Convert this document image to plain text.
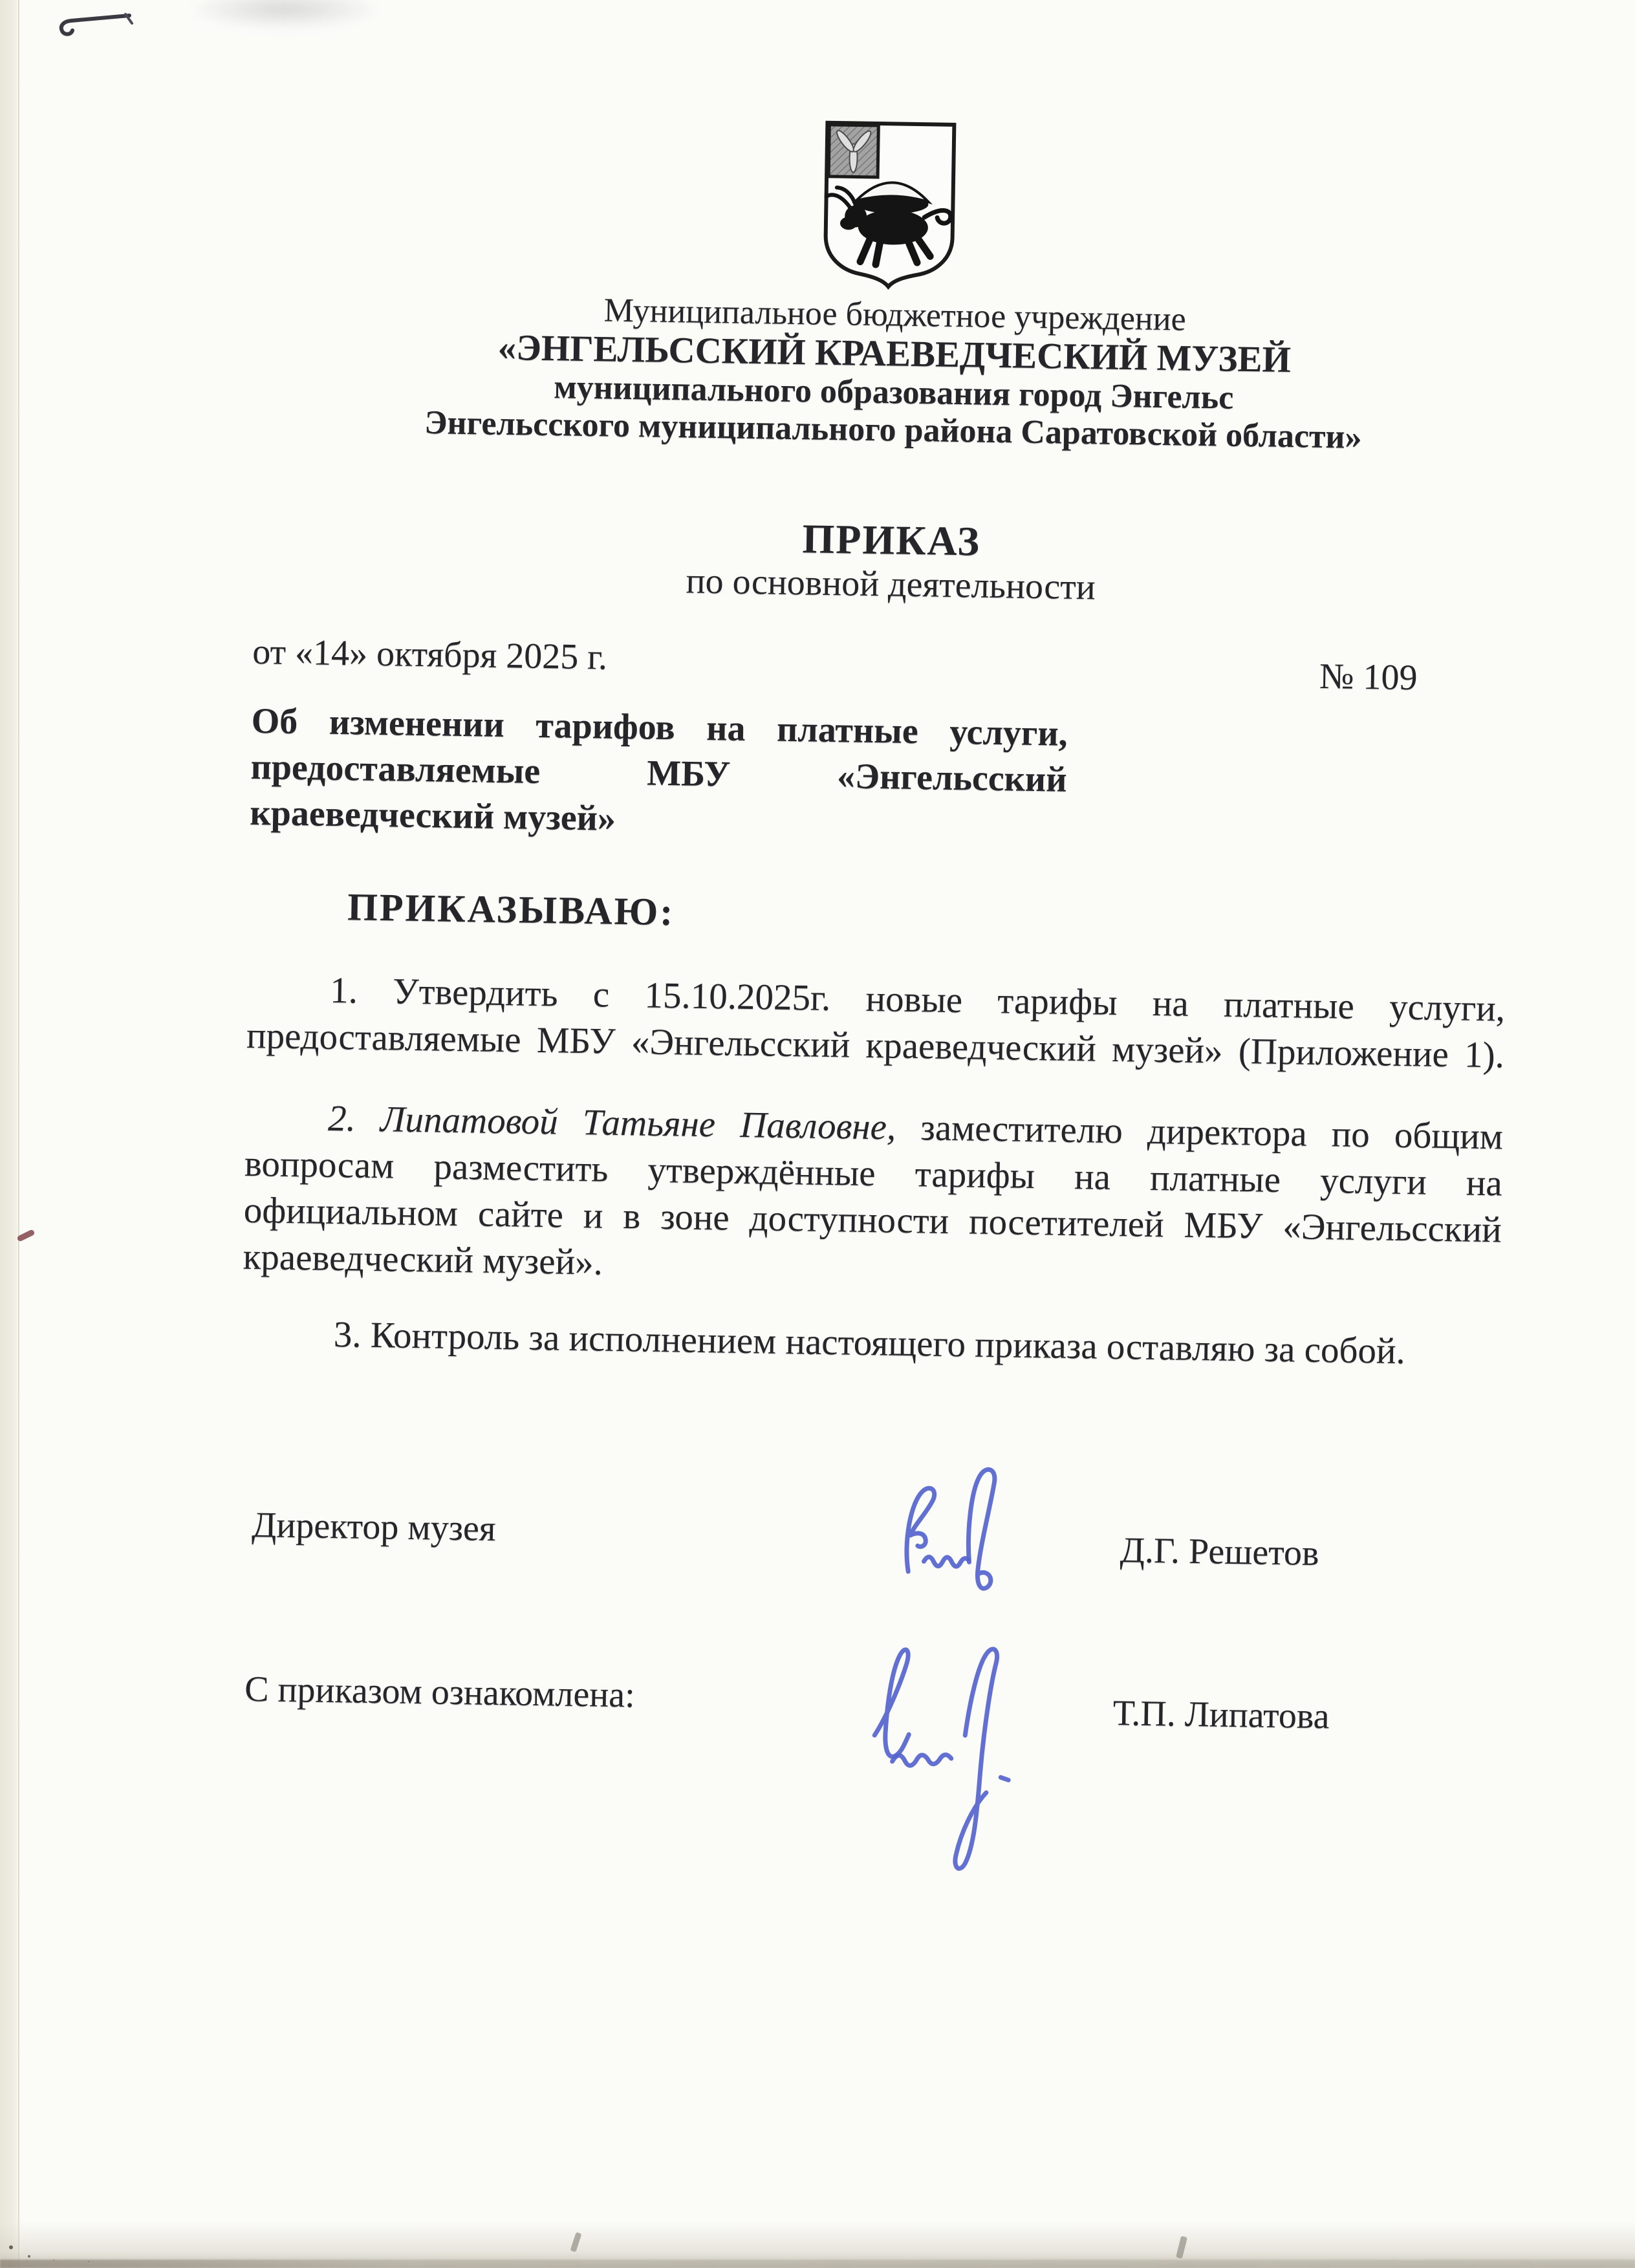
Муниципальное бюджетное учреждение
«ЭНГЕЛЬССКИЙ КРАЕВЕДЧЕСКИЙ МУЗЕЙ
муниципального образования город Энгельс
Энгельсского муниципального района Саратовской области»
ПРИКАЗ
по основной деятельности
от «14» октября 2025 г.	№ 109
Об изменении тарифов на платные услуги,
предоставляемые МБУ «Энгельсский
краеведческий музей»
ПРИКАЗЫВАЮ:
1. Утвердить с 15.10.2025г. новые тарифы на платные услуги,
предоставляемые МБУ «Энгельсский краеведческий музей» (Приложение 1).
2. Липатовой Татьяне Павловне, заместителю директора по общим
вопросам разместить утверждённые тарифы на платные услуги на
официальном сайте и в зоне доступности посетителей МБУ «Энгельсский
краеведческий музей».
3. Контроль за исполнением настоящего приказа оставляю за собой.
Директор музея
Д.Г. Решетов
С приказом ознакомлена:	Т.П. Липатова
